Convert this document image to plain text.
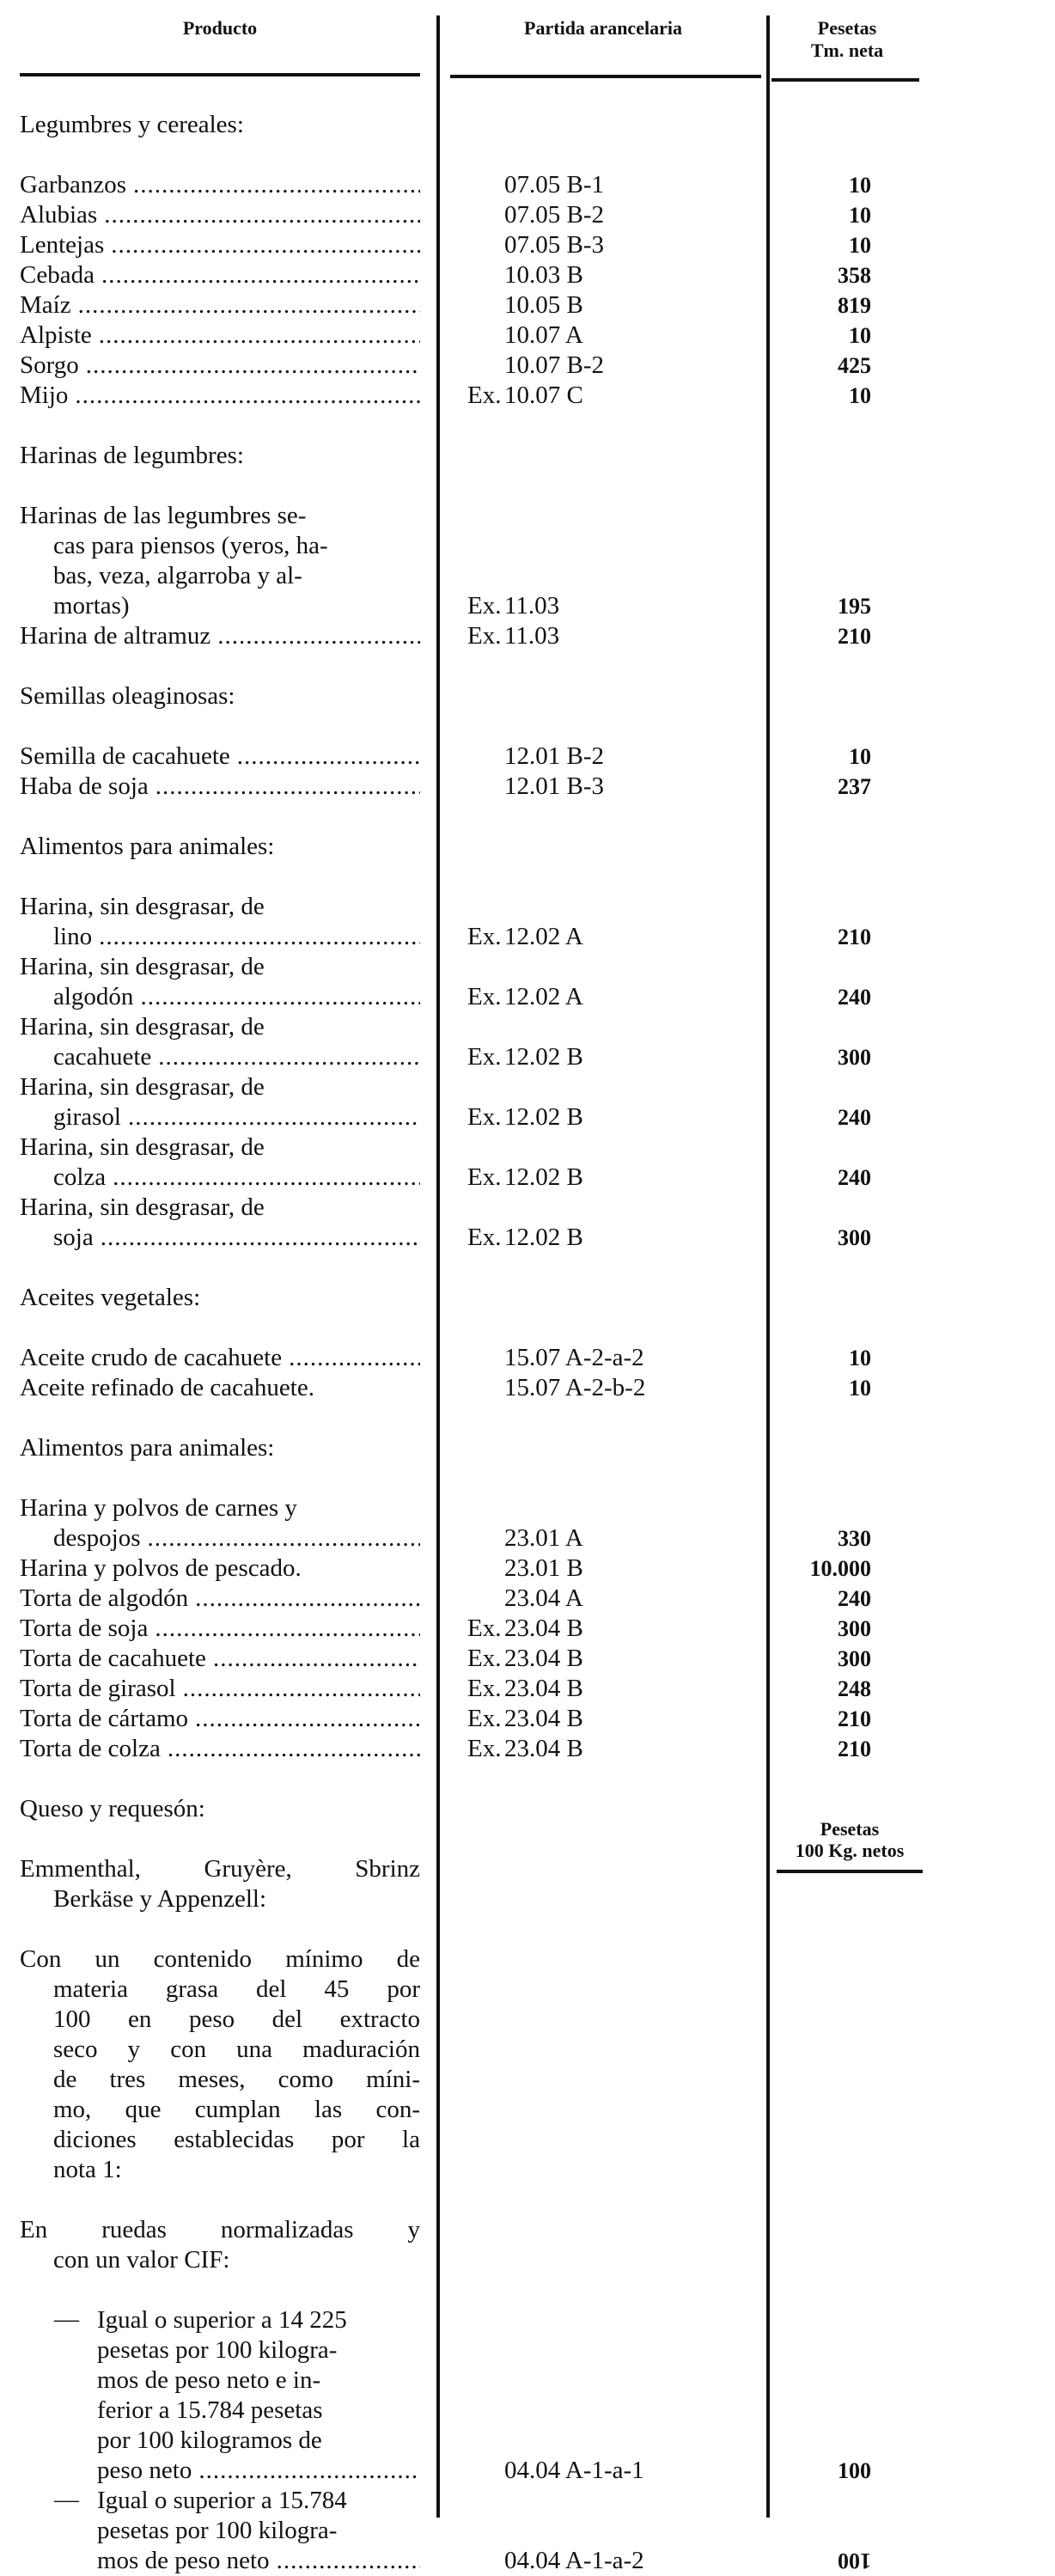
Producto	Partida arancelaria	Pesetas
Tm. neta
Legumbres y cereales:
Garbanzos .....	07.05 B-1	10
Alubias .....	07.05 B-2	10
Lentejas .....	07.05 B-3	10
Cebada .....	10.03 B	358
Maíz .....	10.05 B	819
Alpiste .....	10.07 A	10
Sorgo .....	10.07 B-2	425
Mijo .....	Ex. 10.07 C	10
Harinas de legumbres:
Harinas de las legumbres se-
cas para piensos (yeros, ha-
bas, veza, algarroba y al-
mortas)	Ex. 11.03	195
Harina de altramuz .....	Ex. 11.03	210
Semillas oleaginosas:
Semilla de cacahuete .....	12.01 B-2	10
Haba de soja .....	12.01 B-3	237
Alimentos para animales:
Harina, sin desgrasar, de
lino .....	Ex. 12.02 A	210
Harina, sin desgrasar, de
algodón .....	Ex. 12.02 A	240
Harina, sin desgrasar, de
cacahuete .....	Ex. 12.02 B	300
Harina, sin desgrasar, de
girasol .....	Ex. 12.02 B	240
Harina, sin desgrasar, de
colza .....	Ex. 12.02 B	240
Harina, sin desgrasar, de
soja .....	Ex. 12.02 B	300
Aceites vegetales:
Aceite crudo de cacahuete .....	15.07 A-2-a-2	10
Aceite refinado de cacahuete.	15.07 A-2-b-2	10
Alimentos para animales:
Harina y polvos de carnes y
despojos .....	23.01 A	330
Harina y polvos de pescado.	23.01 B	10.000
Torta de algodón .....	23.04 A	240
Torta de soja .....	Ex. 23.04 B	300
Torta de cacahuete .....	Ex. 23.04 B	300
Torta de girasol .....	Ex. 23.04 B	248
Torta de cártamo .....	Ex. 23.04 B	210
Torta de colza .....	Ex. 23.04 B	210
Queso y requesón:
Pesetas
100 Kg. netos
Emmenthal, Gruyère, Sbrinz
Berkäse y Appenzell:
Con un contenido mínimo de
materia grasa del 45 por
100 en peso del extracto
seco y con una maduración
de tres meses, como míni-
mo, que cumplan las con-
diciones establecidas por la
nota 1:
En ruedas normalizadas y
con un valor CIF:
— Igual o superior a 14 225
pesetas por 100 kilogra-
mos de peso neto e in-
ferior a 15.784 pesetas
por 100 kilogramos de
peso neto .....	04.04 A-1-a-1	100
— Igual o superior a 15.784
pesetas por 100 kilogra-
mos de peso neto .....	04.04 A-1-a-2	100
